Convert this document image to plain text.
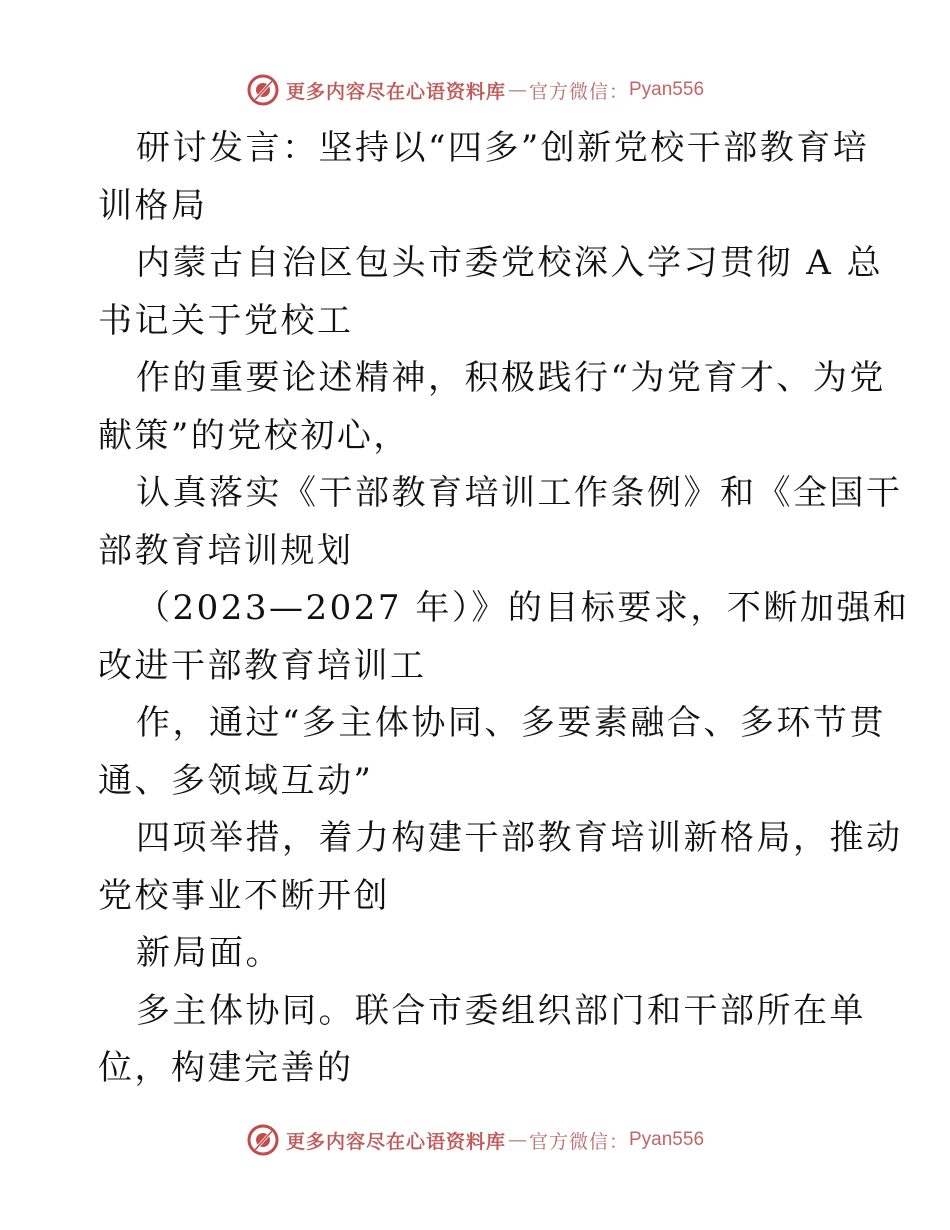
更多内容尽在心语资料库 — 官方微信： Pyan556
研讨发言：坚持以“四多”创新党校干部教育培
训格局
内蒙古自治区包头市委党校深入学习贯彻 A 总
书记关于党校工
作的重要论述精神，积极践行“为党育才、为党
献策”的党校初心，
认真落实《干部教育培训工作条例》和《全国干
部教育培训规划
（2023—2027 年）》的目标要求，不断加强和
改进干部教育培训工
作，通过“多主体协同、多要素融合、多环节贯
通、多领域互动”
四项举措，着力构建干部教育培训新格局，推动
党校事业不断开创
新局面。
多主体协同。联合市委组织部门和干部所在单
位，构建完善的
更多内容尽在心语资料库 — 官方微信： Pyan556
